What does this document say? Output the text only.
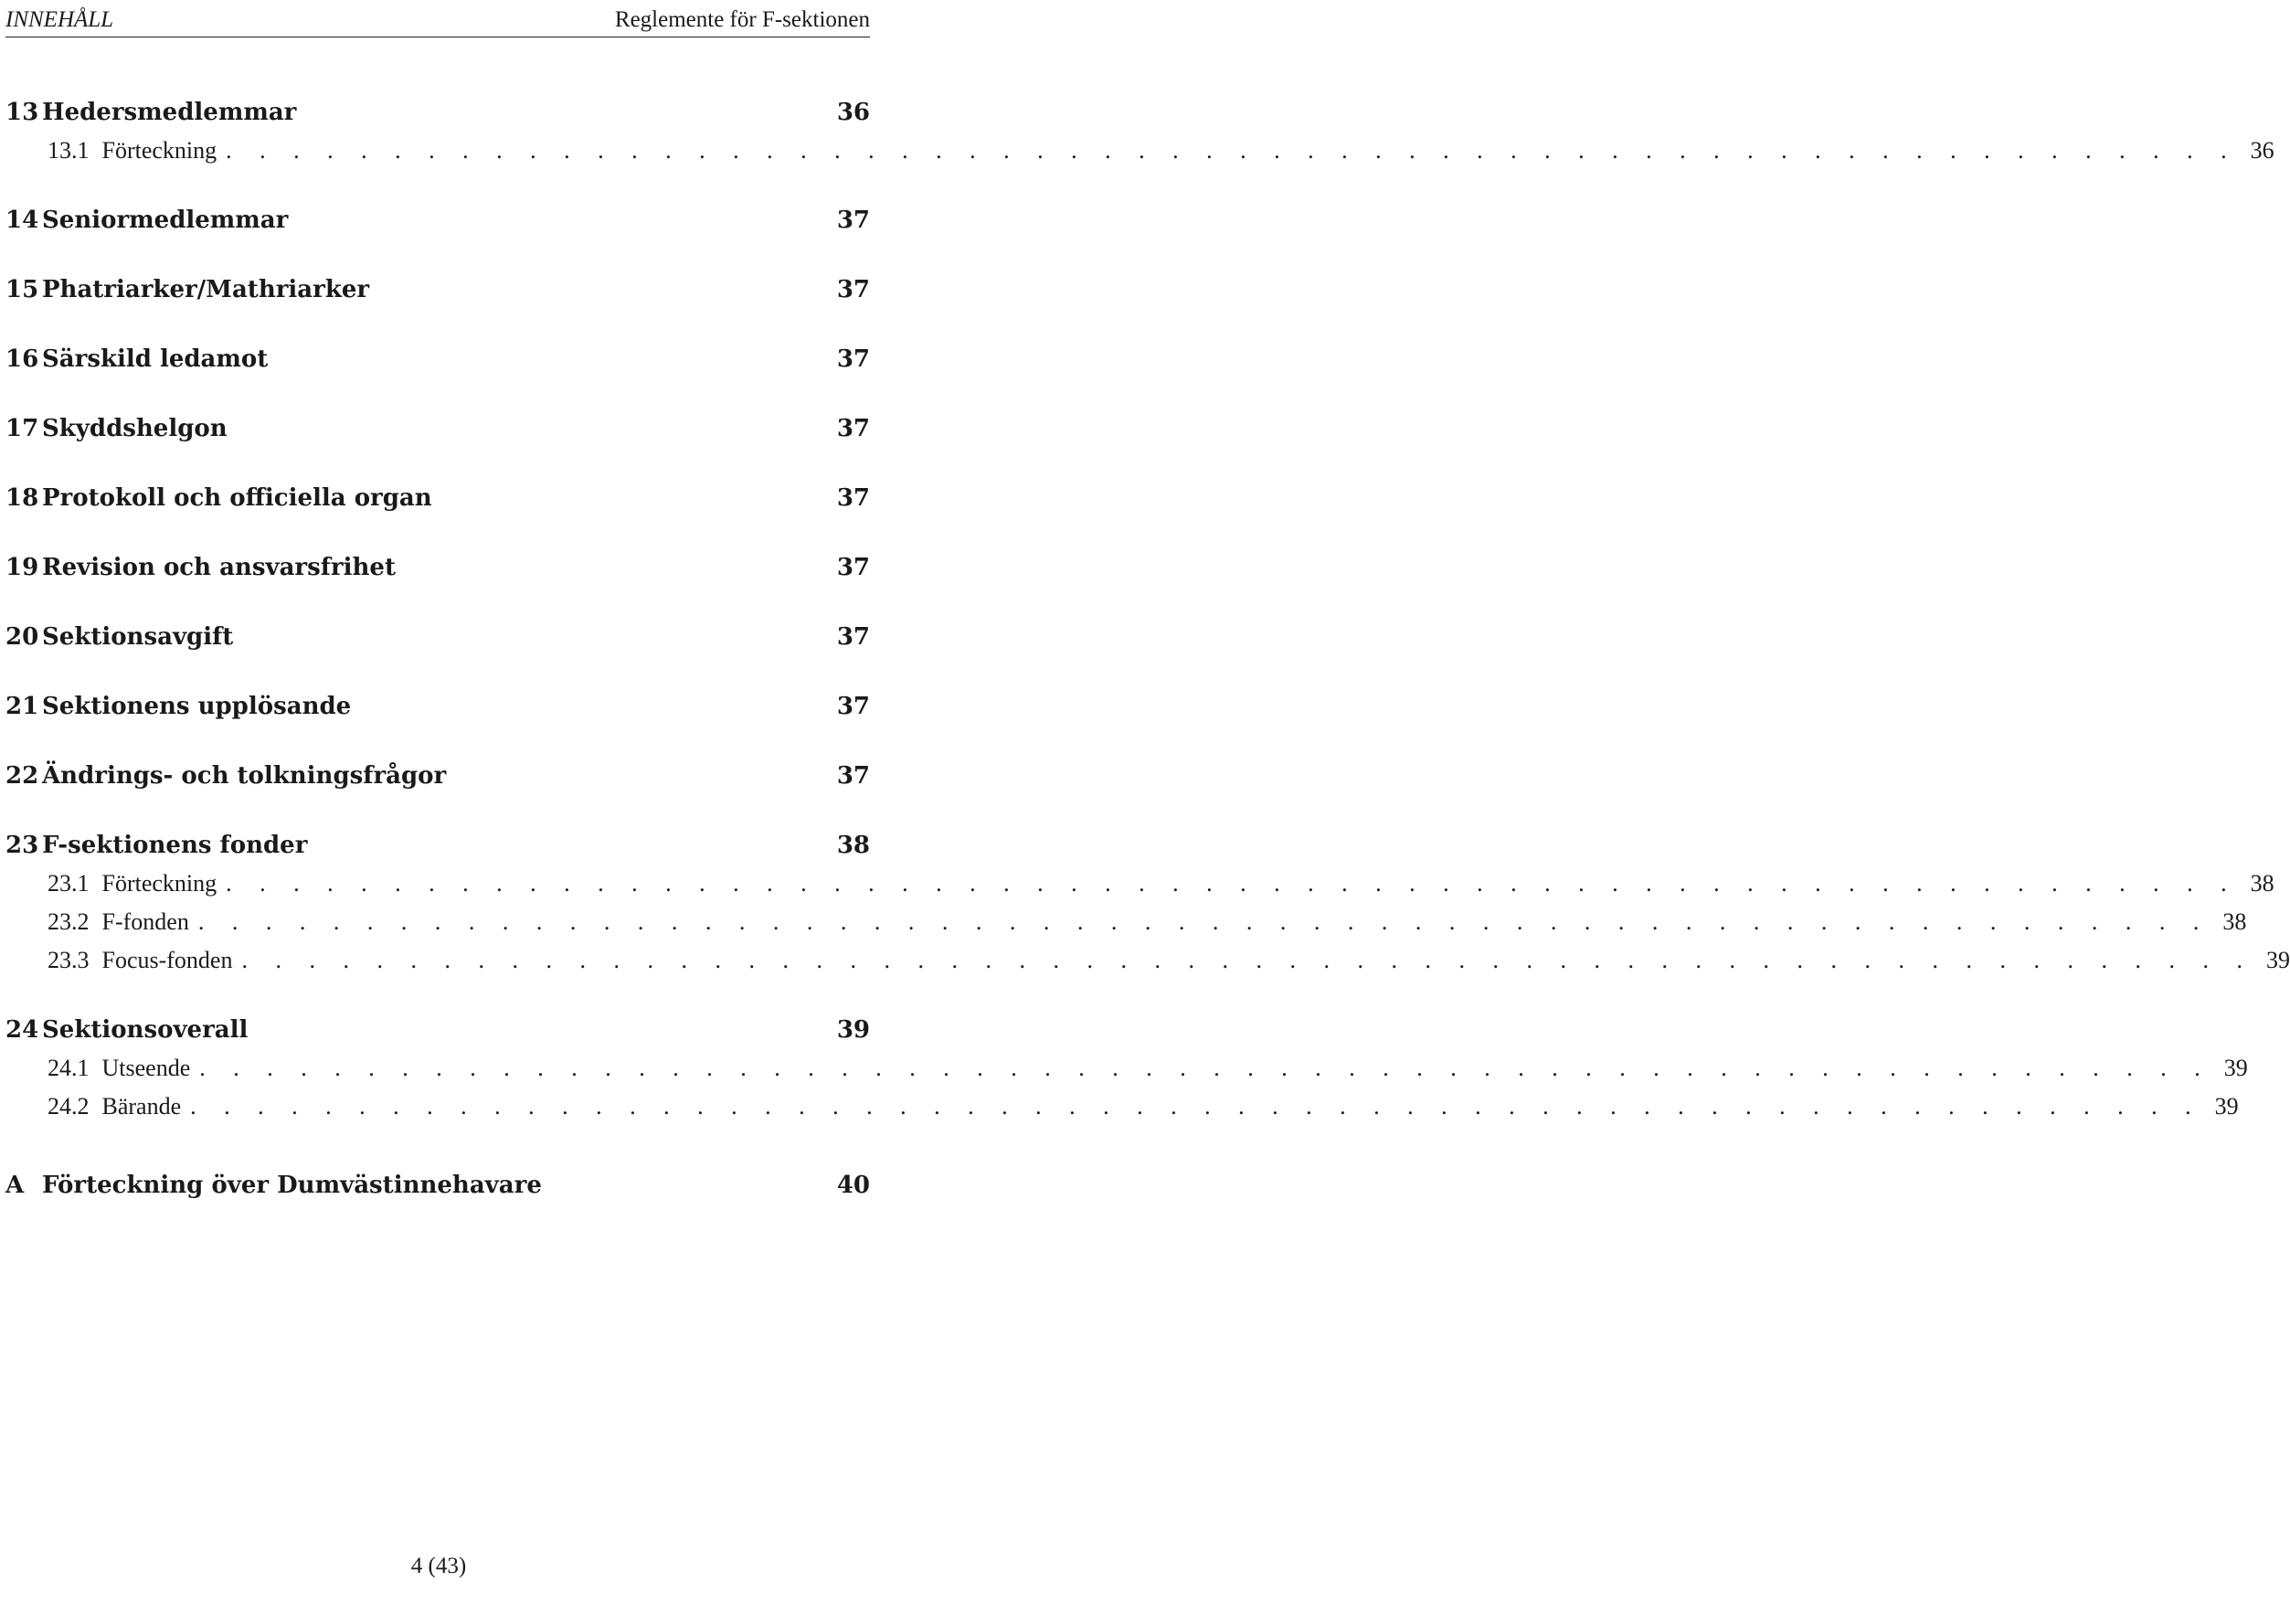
INNEHÅLL	Reglemente för F-sektionen
13 Hedersmedlemmar	36
13.1 Förteckning . . . . . . . . . . . . . . . . . . . . . . . . . . . . . . . . . . . . . . . . . . . . . . . . . . . . . . . . . . . . 36
14 Seniormedlemmar	37
15 Phatriarker/Mathriarker	37
16 Särskild ledamot	37
17 Skyddshelgon	37
18 Protokoll och officiella organ	37
19 Revision och ansvarsfrihet	37
20 Sektionsavgift	37
21 Sektionens upplösande	37
22 Ändrings- och tolkningsfrågor	37
23 F-sektionens fonder	38
23.1 Förteckning . . . . . . . . . . . . . . . . . . . . . . . . . . . . . . . . . . . . . . . . . . . . . . . . . . . . . . . . . . . . 38
23.2 F-fonden . . . . . . . . . . . . . . . . . . . . . . . . . . . . . . . . . . . . . . . . . . . . . . . . . . . . . . . . . . . . 38
23.3 Focus-fonden . . . . . . . . . . . . . . . . . . . . . . . . . . . . . . . . . . . . . . . . . . . . . . . . . . . . . . . . . . . . 39
24 Sektionsoverall	39
24.1 Utseende . . . . . . . . . . . . . . . . . . . . . . . . . . . . . . . . . . . . . . . . . . . . . . . . . . . . . . . . . . . . 39
24.2 Bärande . . . . . . . . . . . . . . . . . . . . . . . . . . . . . . . . . . . . . . . . . . . . . . . . . . . . . . . . . . . . 39
A Förteckning över Dumvästinnehavare	40
4 (43)
